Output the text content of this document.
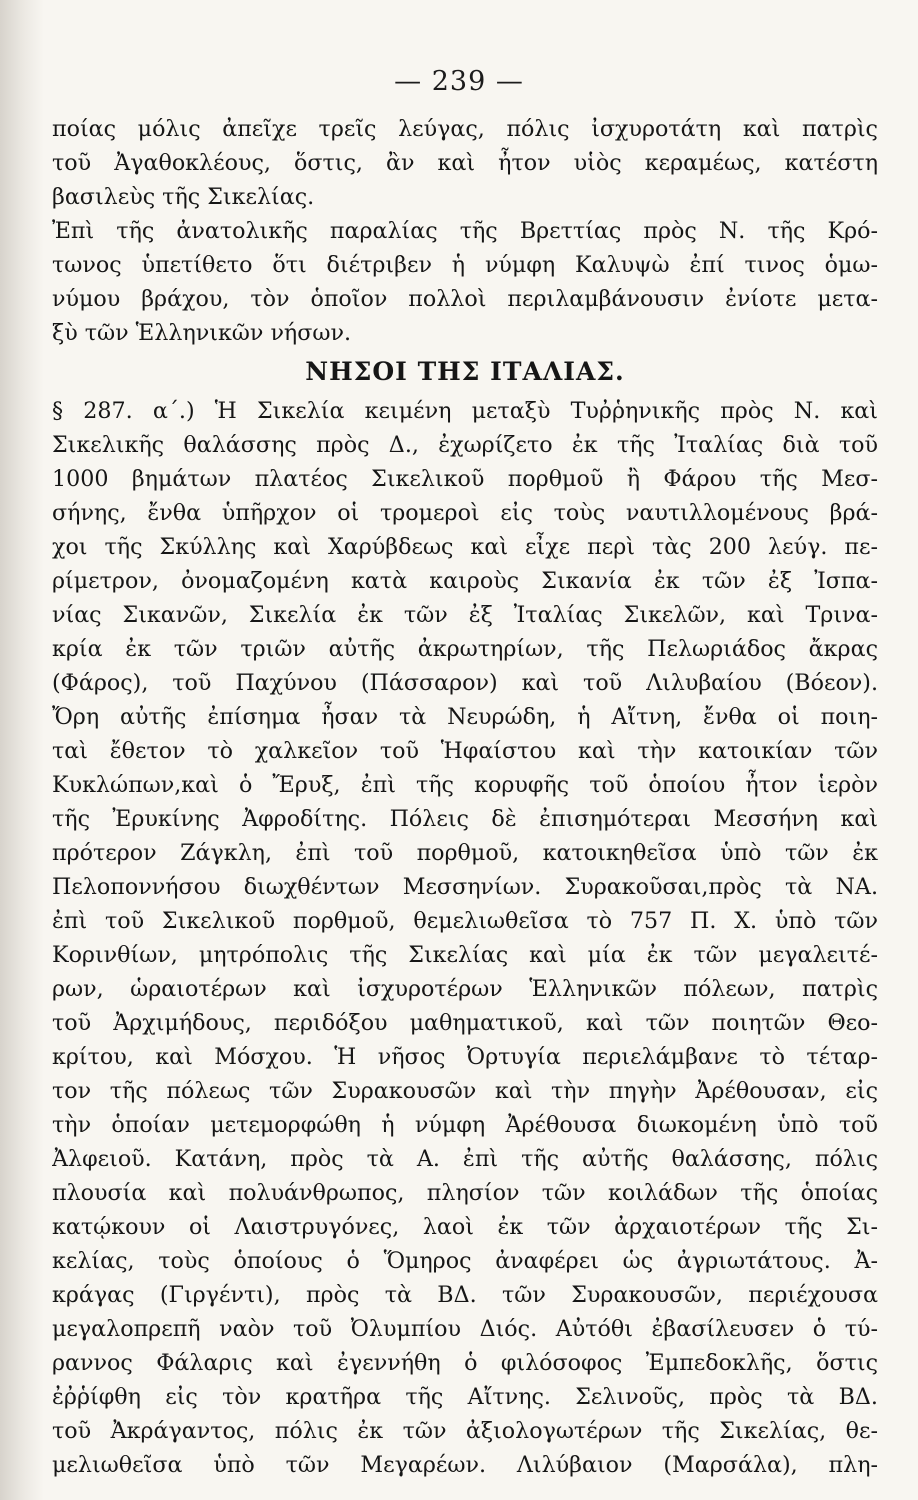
— 239 —
ποίας μόλις ἀπεῖχε τρεῖς λεύγας, πόλις ἰσχυροτάτη καὶ πατρὶς
τοῦ Ἀγαθοκλέους, ὅστις, ἂν καὶ ἦτον υἱὸς κεραμέως, κατέστη
βασιλεὺς τῆς Σικελίας.
Ἐπὶ τῆς ἀνατολικῆς παραλίας τῆς Βρεττίας πρὸς Ν. τῆς Κρό-
τωνος ὑπετίθετο ὅτι διέτριβεν ἡ νύμφη Καλυψὼ ἐπί τινος ὁμω-
νύμου βράχου, τὸν ὁποῖον πολλοὶ περιλαμβάνουσιν ἐνίοτε μετα-
ξὺ τῶν Ἑλληνικῶν νήσων.
ΝΗΣΟΙ ΤΗΣ ΙΤΑΛΙΑΣ.
§ 287. α΄.) Ἡ Σικελία κειμένη μεταξὺ Τυῤῥηνικῆς πρὸς Ν. καὶ
Σικελικῆς θαλάσσης πρὸς Δ., ἐχωρίζετο ἐκ τῆς Ἰταλίας διὰ τοῦ
1000 βημάτων πλατέος Σικελικοῦ πορθμοῦ ἢ Φάρου τῆς Μεσ-
σήνης, ἔνθα ὑπῆρχον οἱ τρομεροὶ εἰς τοὺς ναυτιλλομένους βρά-
χοι τῆς Σκύλλης καὶ Χαρύβδεως καὶ εἶχε περὶ τὰς 200 λεύγ. πε-
ρίμετρον, ὀνομαζομένη κατὰ καιροὺς Σικανία ἐκ τῶν ἐξ Ἰσπα-
νίας Σικανῶν, Σικελία ἐκ τῶν ἐξ Ἰταλίας Σικελῶν, καὶ Τρινα-
κρία ἐκ τῶν τριῶν αὐτῆς ἀκρωτηρίων, τῆς Πελωριάδος ἄκρας
(Φάρος), τοῦ Παχύνου (Πάσσαρον) καὶ τοῦ Λιλυβαίου (Βόεον).
Ὄρη αὐτῆς ἐπίσημα ἦσαν τὰ Νευρώδη, ἡ Αἴτνη, ἔνθα οἱ ποιη-
ταὶ ἔθετον τὸ χαλκεῖον τοῦ Ἡφαίστου καὶ τὴν κατοικίαν τῶν
Κυκλώπων,καὶ ὁ Ἔρυξ, ἐπὶ τῆς κορυφῆς τοῦ ὁποίου ἦτον ἱερὸν
τῆς Ἐρυκίνης Ἀφροδίτης. Πόλεις δὲ ἐπισημότεραι Μεσσήνη καὶ
πρότερον Ζάγκλη, ἐπὶ τοῦ πορθμοῦ, κατοικηθεῖσα ὑπὸ τῶν ἐκ
Πελοποννήσου διωχθέντων Μεσσηνίων. Συρακοῦσαι,πρὸς τὰ ΝΑ.
ἐπὶ τοῦ Σικελικοῦ πορθμοῦ, θεμελιωθεῖσα τὸ 757 Π. Χ. ὑπὸ τῶν
Κορινθίων, μητρόπολις τῆς Σικελίας καὶ μία ἐκ τῶν μεγαλειτέ-
ρων, ὡραιοτέρων καὶ ἰσχυροτέρων Ἑλληνικῶν πόλεων, πατρὶς
τοῦ Ἀρχιμήδους, περιδόξου μαθηματικοῦ, καὶ τῶν ποιητῶν Θεο-
κρίτου, καὶ Μόσχου. Ἡ νῆσος Ὀρτυγία περιελάμβανε τὸ τέταρ-
τον τῆς πόλεως τῶν Συρακουσῶν καὶ τὴν πηγὴν Ἀρέθουσαν, εἰς
τὴν ὁποίαν μετεμορφώθη ἡ νύμφη Ἀρέθουσα διωκομένη ὑπὸ τοῦ
Ἀλφειοῦ. Κατάνη, πρὸς τὰ Α. ἐπὶ τῆς αὐτῆς θαλάσσης, πόλις
πλουσία καὶ πολυάνθρωπος, πλησίον τῶν κοιλάδων τῆς ὁποίας
κατῴκουν οἱ Λαιστρυγόνες, λαοὶ ἐκ τῶν ἀρχαιοτέρων τῆς Σι-
κελίας, τοὺς ὁποίους ὁ Ὅμηρος ἀναφέρει ὡς ἀγριωτάτους. Ἀ-
κράγας (Γιργέντι), πρὸς τὰ ΒΔ. τῶν Συρακουσῶν, περιέχουσα
μεγαλοπρεπῆ ναὸν τοῦ Ὀλυμπίου Διός. Αὐτόθι ἐβασίλευσεν ὁ τύ-
ραννος Φάλαρις καὶ ἐγεννήθη ὁ φιλόσοφος Ἐμπεδοκλῆς, ὅστις
ἐῤῥίφθη εἰς τὸν κρατῆρα τῆς Αἴτνης. Σελινοῦς, πρὸς τὰ ΒΔ.
τοῦ Ἀκράγαντος, πόλις ἐκ τῶν ἀξιολογωτέρων τῆς Σικελίας, θε-
μελιωθεῖσα ὑπὸ τῶν Μεγαρέων. Λιλύβαιον (Μαρσάλα), πλη-
